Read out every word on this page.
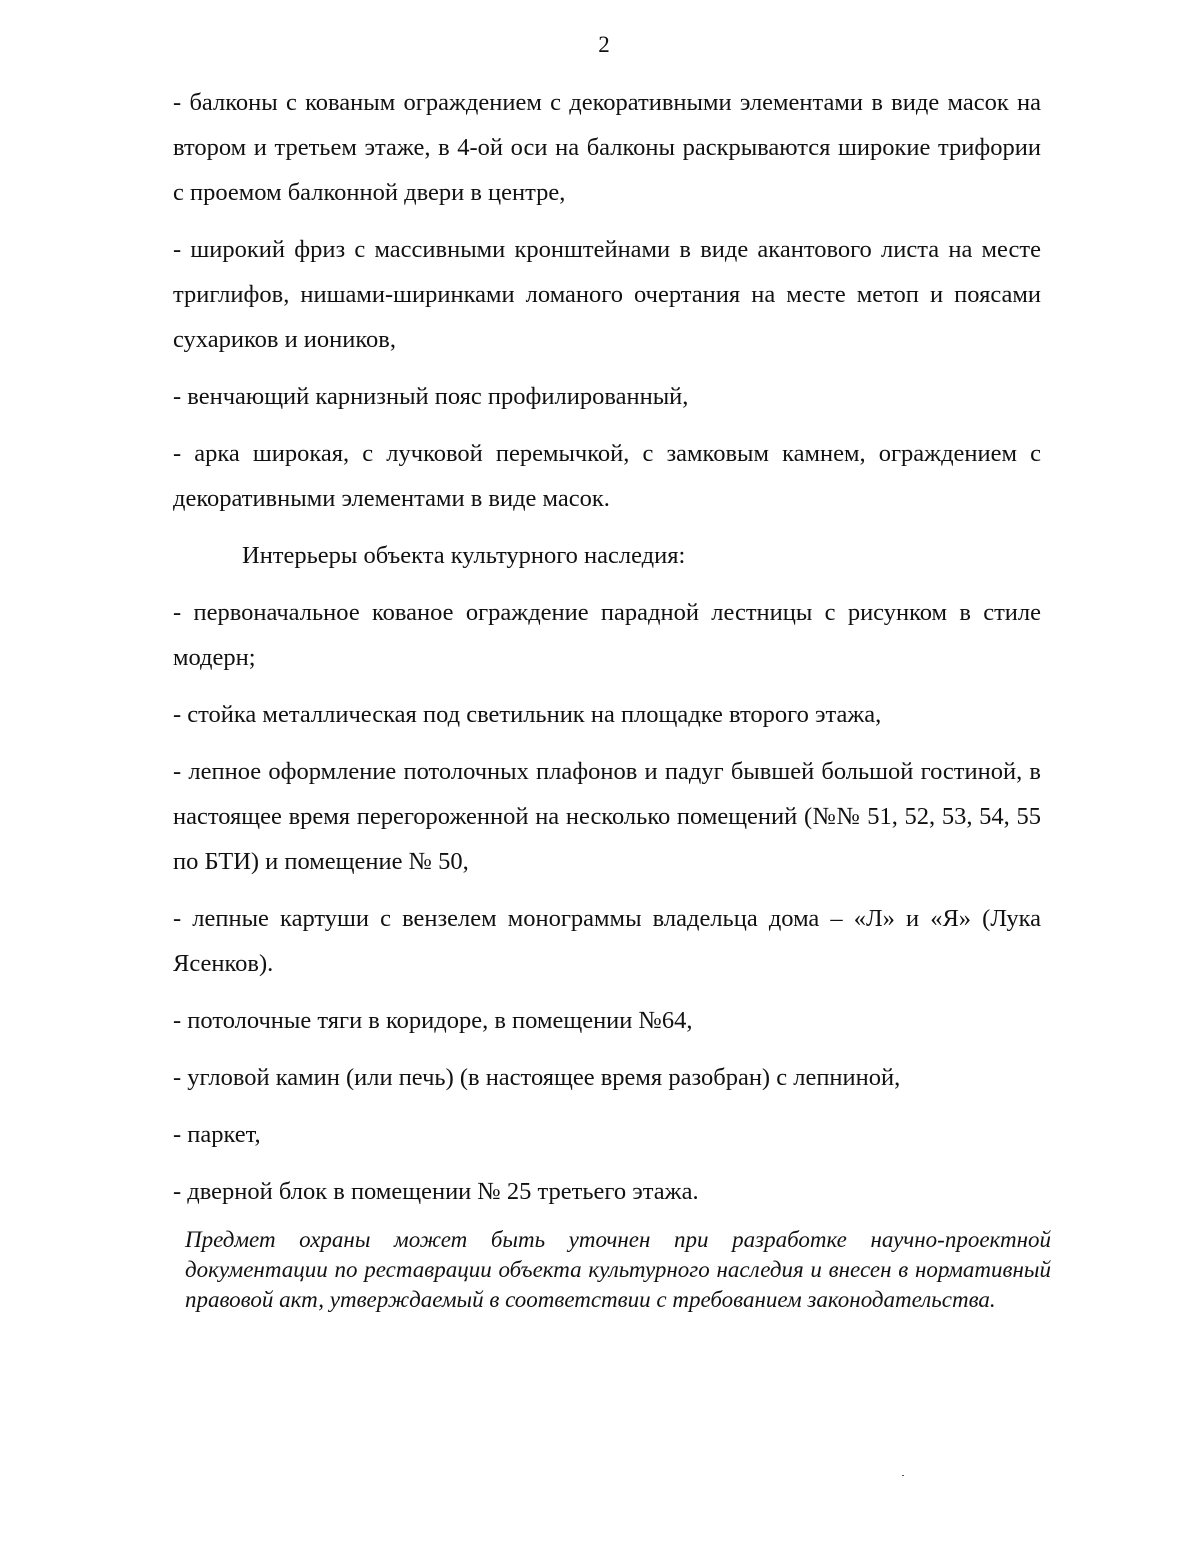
2

- балконы с кованым ограждением с декоративными элементами в виде масок на втором и третьем этаже, в 4-ой оси на балконы раскрываются широкие трифории с проемом балконной двери в центре,

- широкий фриз с массивными кронштейнами в виде акантового листа на месте триглифов, нишами-ширинками ломаного очертания на месте метоп и поясами сухариков и иоников,

- венчающий карнизный пояс профилированный,

- арка широкая, с лучковой перемычкой, с замковым камнем, ограждением с декоративными элементами в виде масок.

Интерьеры объекта культурного наследия:

- первоначальное кованое ограждение парадной лестницы с рисунком в стиле модерн;

- стойка металлическая под светильник на площадке второго этажа,

- лепное оформление потолочных плафонов и падуг бывшей большой гостиной, в настоящее время перегороженной на несколько помещений (№№ 51, 52, 53, 54, 55 по БТИ) и помещение № 50,

- лепные картуши с вензелем монограммы владельца дома – «Л» и «Я» (Лука Ясенков).

- потолочные тяги в коридоре, в помещении №64,

- угловой камин (или печь) (в настоящее время разобран) с лепниной,

- паркет,

- дверной блок в помещении № 25 третьего этажа.

Предмет охраны может быть уточнен при разработке научно-проектной документации по реставрации объекта культурного наследия и внесен в нормативный правовой акт, утверждаемый в соответствии с требованием законодательства.
